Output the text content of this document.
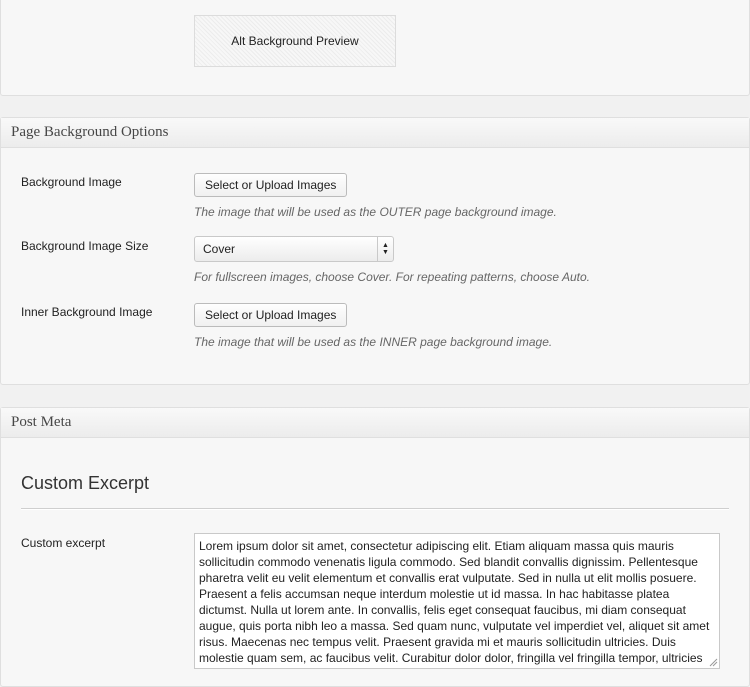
Alt Background Preview
Page Background Options
Background Image	Select or Upload Images
The image that will be used as the OUTER page background image.
Background Image Size	Cover	▲
▼
For fullscreen images, choose Cover. For repeating patterns, choose Auto.
Inner Background Image	Select or Upload Images
The image that will be used as the INNER page background image.
Post Meta
Custom Excerpt
Custom excerpt
Lorem ipsum dolor sit amet, consectetur adipiscing elit. Etiam aliquam massa quis mauris sollicitudin commodo venenatis ligula commodo. Sed blandit convallis dignissim. Pellentesque pharetra velit eu velit elementum et convallis erat vulputate. Sed in nulla ut elit mollis posuere. Praesent a felis accumsan neque interdum molestie ut id massa. In hac habitasse platea dictumst. Nulla ut lorem ante. In convallis, felis eget consequat faucibus, mi diam consequat augue, quis porta nibh leo a massa. Sed quam nunc, vulputate vel imperdiet vel, aliquet sit amet risus. Maecenas nec tempus velit. Praesent gravida mi et mauris sollicitudin ultricies. Duis molestie quam sem, ac faucibus velit. Curabitur dolor dolor, fringilla vel fringilla tempor, ultricies
